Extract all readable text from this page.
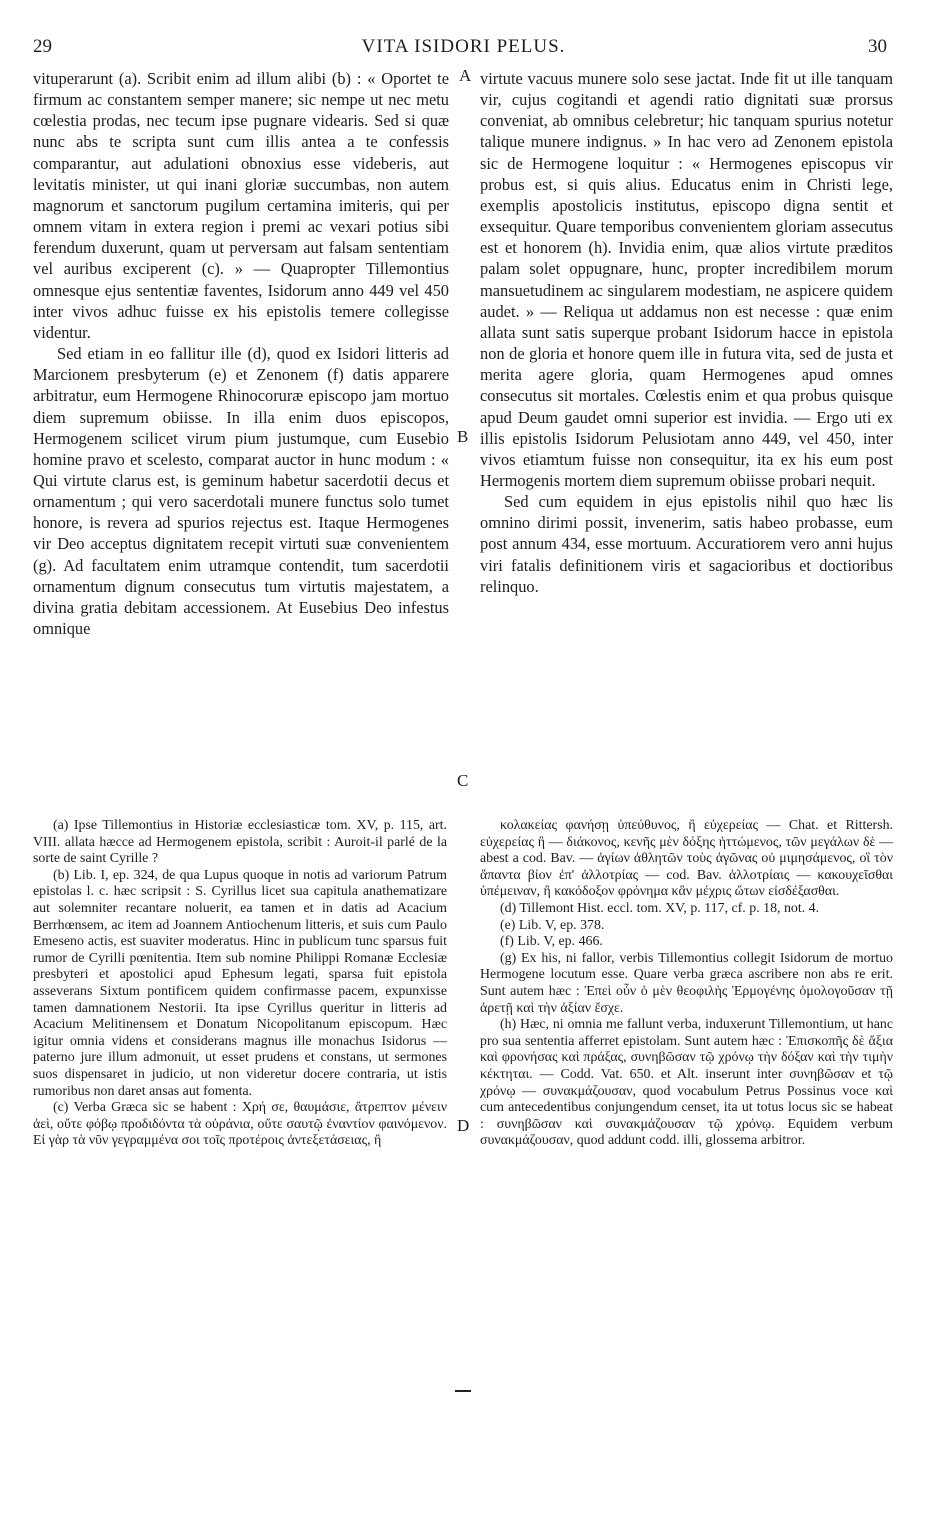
29	VITA ISIDORI PELUS.	30

vituperarunt (a). Scribit enim ad illum alibi (b) : « Oportet te firmum ac constantem semper manere; sic nempe ut nec metu cœlestia prodas, nec tecum ipse pugnare videaris. Sed si quæ nunc abs te scripta sunt cum illis antea a te confessis comparantur, aut adulationi obnoxius esse videberis, aut levitatis minister, ut qui inani gloriæ succumbas, non autem magnorum et sanctorum pugilum certamina imiteris, qui per omnem vitam in extera region i premi ac vexari potius sibi ferendum duxerunt, quam ut perversam aut falsam sententiam vel auribus exciperent (c). » — Quapropter Tillemontius omnesque ejus sententiæ faventes, Isidorum anno 449 vel 450 inter vivos adhuc fuisse ex his epistolis temere collegisse videntur.

Sed etiam in eo fallitur ille (d), quod ex Isidori litteris ad Marcionem presbyterum (e) et Zenonem (f) datis apparere arbitratur, eum Hermogene Rhinocoruræ episcopo jam mortuo diem supremum obiisse. In illa enim duos episcopos, Hermogenem scilicet virum pium justumque, cum Eusebio homine pravo et scelesto, comparat auctor in hunc modum : « Qui virtute clarus est, is geminum habetur sacerdotii decus et ornamentum ; qui vero sacerdotali munere functus solo tumet honore, is revera ad spurios rejectus est. Itaque Hermogenes vir Deo acceptus dignitatem recepit virtuti suæ convenientem (g). Ad facultatem enim utramque contendit, tum sacerdotii ornamentum dignum consecutus tum virtutis majestatem, a divina gratia debitam accessionem. At Eusebius Deo infestus omnique

virtute vacuus munere solo sese jactat. Inde fit ut ille tanquam vir, cujus cogitandi et agendi ratio dignitati suæ prorsus conveniat, ab omnibus celebretur; hic tanquam spurius notetur talique munere indignus. » In hac vero ad Zenonem epistola sic de Hermogene loquitur : « Hermogenes episcopus vir probus est, si quis alius. Educatus enim in Christi lege, exemplis apostolicis institutus, episcopo digna sentit et exsequitur. Quare temporibus convenientem gloriam assecutus est et honorem (h). Invidia enim, quæ alios virtute præditos palam solet oppugnare, hunc, propter incredibilem morum mansuetudinem ac singularem modestiam, ne aspicere quidem audet. » — Reliqua ut addamus non est necesse : quæ enim allata sunt satis superque probant Isidorum hacce in epistola non de gloria et honore quem ille in futura vita, sed de justa et merita agere gloria, quam Hermogenes apud omnes consecutus sit mortales. Cœlestis enim et qua probus quisque apud Deum gaudet omni superior est invidia. — Ergo uti ex illis epistolis Isidorum Pelusiotam anno 449, vel 450, inter vivos etiamtum fuisse non consequitur, ita ex his eum post Hermogenis mortem diem supremum obiisse probari nequit.

Sed cum equidem in ejus epistolis nihil quo hæc lis omnino dirimi possit, invenerim, satis habeo probasse, eum post annum 434, esse mortuum. Accuratiorem vero anni hujus viri fatalis definitionem viris et sagacioribus et doctioribus relinquo.

A
B
C
D

(a) Ipse Tillemontius in Historiæ ecclesiasticæ tom. XV, p. 115, art. VIII. allata hæcce ad Hermogenem epistola, scribit : Auroit-il parlé de la sorte de saint Cyrille ?

(b) Lib. I, ep. 324, de qua Lupus quoque in notis ad variorum Patrum epistolas l. c. hæc scripsit : S. Cyrillus licet sua capitula anathematizare aut solemniter recantare noluerit, ea tamen et in datis ad Acacium Berrhœnsem, ac item ad Joannem Antiochenum litteris, et suis cum Paulo Emeseno actis, est suaviter moderatus. Hinc in publicum tunc sparsus fuit rumor de Cyrilli pœnitentia. Item sub nomine Philippi Romanæ Ecclesiæ presbyteri et apostolici apud Ephesum legati, sparsa fuit epistola asseverans Sixtum pontificem quidem confirmasse pacem, expunxisse tamen damnationem Nestorii. Ita ipse Cyrillus queritur in litteris ad Acacium Melitinensem et Donatum Nicopolitanum episcopum. Hæc igitur omnia videns et considerans magnus ille monachus Isidorus — paterno jure illum admonuit, ut esset prudens et constans, ut sermones suos dispensaret in judicio, ut non videretur docere contraria, ut istis rumoribus non daret ansas aut fomenta.

(c) Verba Græca sic se habent : Χρή σε, θαυμάσιε, ἄτρεπτον μένειν ἀεὶ, οὔτε φόβῳ προδιδόντα τὰ οὐράνια, οὔτε σαυτῷ ἐναντίον φαινόμενον. Εἰ γὰρ τὰ νῦν γεγραμμένα σοι τοῖς προτέροις ἀντεξετάσειας, ἢ

κολακείας φανήσῃ ὑπεύθυνος, ἢ εὐχερείας — Chat. et Rittersh. εὐχερείας ἢ — διάκονος, κενῆς μὲν δόξης ἡττώμενος, τῶν μεγάλων δὲ — abest a cod. Bav. — ἁγίων ἀθλητῶν τοὺς ἀγῶνας οὐ μιμησάμενος, οἳ τὸν ἅπαντα βίον ἐπ' ἀλλοτρίας — cod. Bav. ἀλλοτρίαις — κακουχεῖσθαι ὑπέμειναν, ἢ κακόδοξον φρόνημα κἂν μέχρις ὤτων εἰσδέξασθαι.

(d) Tillemont Hist. eccl. tom. XV, p. 117, cf. p. 18, not. 4.

(e) Lib. V, ep. 378.

(f) Lib. V, ep. 466.

(g) Ex his, ni fallor, verbis Tillemontius collegit Isidorum de mortuo Hermogene locutum esse. Quare verba græca ascribere non abs re erit. Sunt autem hæc : Ἐπεὶ οὖν ὁ μὲν θεοφιλὴς Ἑρμογένης ὁμολογοῦσαν τῇ ἀρετῇ καὶ τὴν ἀξίαν ἔσχε.

(h) Hæc, ni omnia me fallunt verba, induxerunt Tillemontium, ut hanc pro sua sententia afferret epistolam. Sunt autem hæc : Ἐπισκοπῆς δὲ ἄξια καὶ φρονήσας καὶ πράξας, συνηβῶσαν τῷ χρόνῳ τὴν δόξαν καὶ τὴν τιμὴν κέκτηται. — Codd. Vat. 650. et Alt. inserunt inter συνηβῶσαν et τῷ χρόνῳ — συνακμάζουσαν, quod vocabulum Petrus Possinus voce καὶ cum antecedentibus conjungendum censet, ita ut totus locus sic se habeat : συνηβῶσαν καὶ συνακμάζουσαν τῷ χρόνῳ. Equidem verbum συνακμάζουσαν, quod addunt codd. illi, glossema arbitror.
